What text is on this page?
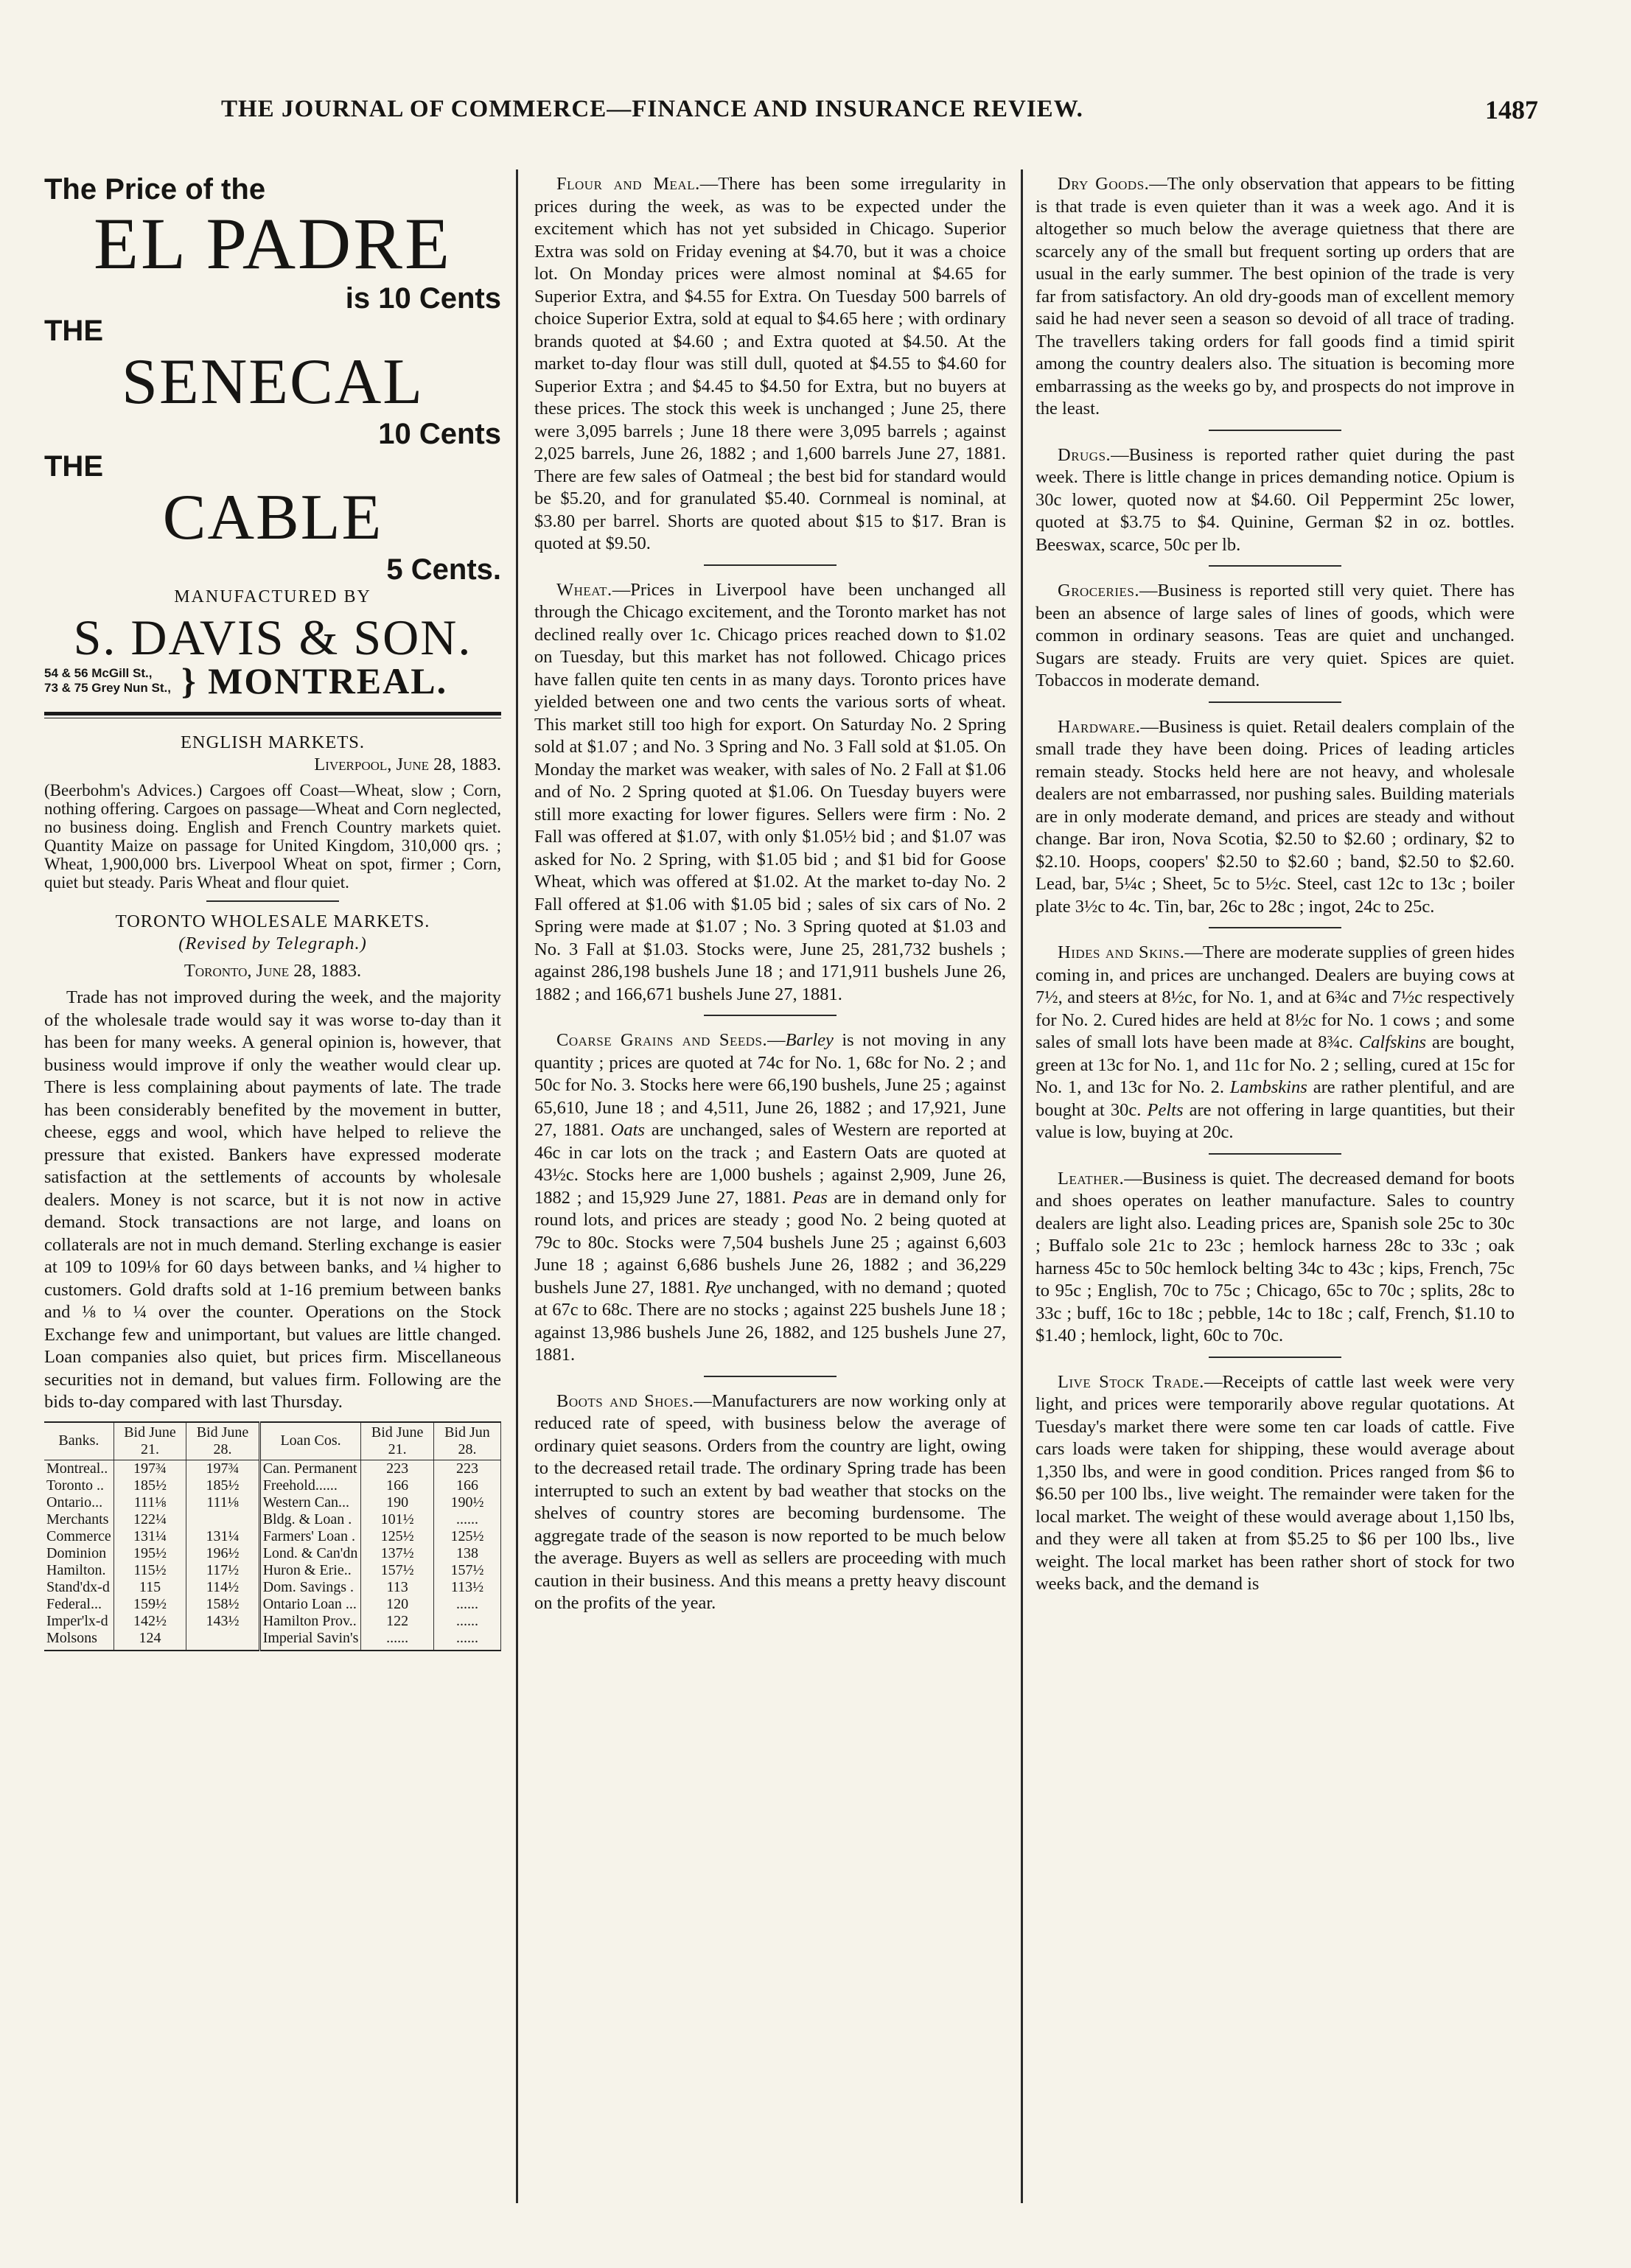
THE JOURNAL OF COMMERCE—FINANCE AND INSURANCE REVIEW.	1487
The Price of the
EL PADRE
is 10 Cents
THE
SENECAL
10 Cents
THE
CABLE
5 Cents.
MANUFACTURED BY
S. DAVIS & SON.
54 & 56 McGill St.,
73 & 75 Grey Nun St., } MONTREAL.
ENGLISH MARKETS.

Liverpool, June 28, 1883.

(Beerbohm's Advices.) Cargoes off Coast—Wheat, slow ; Corn, nothing offering. Cargoes on passage—Wheat and Corn neglected, no business doing. English and French Country markets quiet. Quantity Maize on passage for United Kingdom, 310,000 qrs. ; Wheat, 1,900,000 brs. Liverpool Wheat on spot, firmer ; Corn, quiet but steady. Paris Wheat and flour quiet.

TORONTO WHOLESALE MARKETS.

(Revised by Telegraph.)

Toronto, June 28, 1883.

Trade has not improved during the week, and the majority of the wholesale trade would say it was worse to-day than it has been for many weeks. A general opinion is, however, that business would improve if only the weather would clear up. There is less complaining about payments of late. The trade has been considerably benefited by the movement in butter, cheese, eggs and wool, which have helped to relieve the pressure that existed. Bankers have expressed moderate satisfaction at the settlements of accounts by wholesale dealers. Money is not scarce, but it is not now in active demand. Stock transactions are not large, and loans on collaterals are not in much demand. Sterling exchange is easier at 109 to 109⅛ for 60 days between banks, and ¼ higher to customers. Gold drafts sold at 1-16 premium between banks and ⅛ to ¼ over the counter. Operations on the Stock Exchange few and unimportant, but values are little changed. Loan companies also quiet, but prices firm. Miscellaneous securities not in demand, but values firm. Following are the bids to-day compared with last Thursday.

Banks.	Bid June 21.	Bid June 28.	Loan Cos.	Bid June 21.	Bid Jun 28.
Montreal..	197¾	197¾	Can. Permanent	223	223
Toronto ..	185½	185½	Freehold......	166	166
Ontario...	111⅛	111⅛	Western Can...	190	190½
Merchants	122¼		Bldg. & Loan .	101½	......
Commerce	131¼	131¼	Farmers' Loan .	125½	125½
Dominion	195½	196½	Lond. & Can'dn	137½	138
Hamilton.	115½	117½	Huron & Erie..	157½	157½
Stand'dx-d	115	114½	Dom. Savings .	113	113½
Federal...	159½	158½	Ontario Loan ...	120	......
Imper'lx-d	142½	143½	Hamilton Prov..	122	......
Molsons	124		Imperial Savin's	......	......

Flour and Meal.—There has been some irregularity in prices during the week, as was to be expected under the excitement which has not yet subsided in Chicago. Superior Extra was sold on Friday evening at $4.70, but it was a choice lot. On Monday prices were almost nominal at $4.65 for Superior Extra, and $4.55 for Extra. On Tuesday 500 barrels of choice Superior Extra, sold at equal to $4.65 here ; with ordinary brands quoted at $4.60 ; and Extra quoted at $4.50. At the market to-day flour was still dull, quoted at $4.55 to $4.60 for Superior Extra ; and $4.45 to $4.50 for Extra, but no buyers at these prices. The stock this week is unchanged ; June 25, there were 3,095 barrels ; June 18 there were 3,095 barrels ; against 2,025 barrels, June 26, 1882 ; and 1,600 barrels June 27, 1881. There are few sales of Oatmeal ; the best bid for standard would be $5.20, and for granulated $5.40. Cornmeal is nominal, at $3.80 per barrel. Shorts are quoted about $15 to $17. Bran is quoted at $9.50.

Wheat.—Prices in Liverpool have been unchanged all through the Chicago excitement, and the Toronto market has not declined really over 1c. Chicago prices reached down to $1.02 on Tuesday, but this market has not followed. Chicago prices have fallen quite ten cents in as many days. Toronto prices have yielded between one and two cents the various sorts of wheat. This market still too high for export. On Saturday No. 2 Spring sold at $1.07 ; and No. 3 Spring and No. 3 Fall sold at $1.05. On Monday the market was weaker, with sales of No. 2 Fall at $1.06 and of No. 2 Spring quoted at $1.06. On Tuesday buyers were still more exacting for lower figures. Sellers were firm : No. 2 Fall was offered at $1.07, with only $1.05½ bid ; and $1.07 was asked for No. 2 Spring, with $1.05 bid ; and $1 bid for Goose Wheat, which was offered at $1.02. At the market to-day No. 2 Fall offered at $1.06 with $1.05 bid ; sales of six cars of No. 2 Spring were made at $1.07 ; No. 3 Spring quoted at $1.03 and No. 3 Fall at $1.03. Stocks were, June 25, 281,732 bushels ; against 286,198 bushels June 18 ; and 171,911 bushels June 26, 1882 ; and 166,671 bushels June 27, 1881.

Coarse Grains and Seeds.—Barley is not moving in any quantity ; prices are quoted at 74c for No. 1, 68c for No. 2 ; and 50c for No. 3. Stocks here were 66,190 bushels, June 25 ; against 65,610, June 18 ; and 4,511, June 26, 1882 ; and 17,921, June 27, 1881. Oats are unchanged, sales of Western are reported at 46c in car lots on the track ; and Eastern Oats are quoted at 43½c. Stocks here are 1,000 bushels ; against 2,909, June 26, 1882 ; and 15,929 June 27, 1881. Peas are in demand only for round lots, and prices are steady ; good No. 2 being quoted at 79c to 80c. Stocks were 7,504 bushels June 25 ; against 6,603 June 18 ; against 6,686 bushels June 26, 1882 ; and 36,229 bushels June 27, 1881. Rye unchanged, with no demand ; quoted at 67c to 68c. There are no stocks ; against 225 bushels June 18 ; against 13,986 bushels June 26, 1882, and 125 bushels June 27, 1881.

Boots and Shoes.—Manufacturers are now working only at reduced rate of speed, with business below the average of ordinary quiet seasons. Orders from the country are light, owing to the decreased retail trade. The ordinary Spring trade has been interrupted to such an extent by bad weather that stocks on the shelves of country stores are becoming burdensome. The aggregate trade of the season is now reported to be much below the average. Buyers as well as sellers are proceeding with much caution in their business. And this means a pretty heavy discount on the profits of the year.

Dry Goods.—The only observation that appears to be fitting is that trade is even quieter than it was a week ago. And it is altogether so much below the average quietness that there are scarcely any of the small but frequent sorting up orders that are usual in the early summer. The best opinion of the trade is very far from satisfactory. An old dry-goods man of excellent memory said he had never seen a season so devoid of all trace of trading. The travellers taking orders for fall goods find a timid spirit among the country dealers also. The situation is becoming more embarrassing as the weeks go by, and prospects do not improve in the least.

Drugs.—Business is reported rather quiet during the past week. There is little change in prices demanding notice. Opium is 30c lower, quoted now at $4.60. Oil Peppermint 25c lower, quoted at $3.75 to $4. Quinine, German $2 in oz. bottles. Beeswax, scarce, 50c per lb.

Groceries.—Business is reported still very quiet. There has been an absence of large sales of lines of goods, which were common in ordinary seasons. Teas are quiet and unchanged. Sugars are steady. Fruits are very quiet. Spices are quiet. Tobaccos in moderate demand.

Hardware.—Business is quiet. Retail dealers complain of the small trade they have been doing. Prices of leading articles remain steady. Stocks held here are not heavy, and wholesale dealers are not embarrassed, nor pushing sales. Building materials are in only moderate demand, and prices are steady and without change. Bar iron, Nova Scotia, $2.50 to $2.60 ; ordinary, $2 to $2.10. Hoops, coopers' $2.50 to $2.60 ; band, $2.50 to $2.60. Lead, bar, 5¼c ; Sheet, 5c to 5½c. Steel, cast 12c to 13c ; boiler plate 3½c to 4c. Tin, bar, 26c to 28c ; ingot, 24c to 25c.

Hides and Skins.—There are moderate supplies of green hides coming in, and prices are unchanged. Dealers are buying cows at 7½, and steers at 8½c, for No. 1, and at 6¾c and 7½c respectively for No. 2. Cured hides are held at 8½c for No. 1 cows ; and some sales of small lots have been made at 8¾c. Calfskins are bought, green at 13c for No. 1, and 11c for No. 2 ; selling, cured at 15c for No. 1, and 13c for No. 2. Lambskins are rather plentiful, and are bought at 30c. Pelts are not offering in large quantities, but their value is low, buying at 20c.

Leather.—Business is quiet. The decreased demand for boots and shoes operates on leather manufacture. Sales to country dealers are light also. Leading prices are, Spanish sole 25c to 30c ; Buffalo sole 21c to 23c ; hemlock harness 28c to 33c ; oak harness 45c to 50c hemlock belting 34c to 43c ; kips, French, 75c to 95c ; English, 70c to 75c ; Chicago, 65c to 70c ; splits, 28c to 33c ; buff, 16c to 18c ; pebble, 14c to 18c ; calf, French, $1.10 to $1.40 ; hemlock, light, 60c to 70c.

Live Stock Trade.—Receipts of cattle last week were very light, and prices were temporarily above regular quotations. At Tuesday's market there were some ten car loads of cattle. Five cars loads were taken for shipping, these would average about 1,350 lbs, and were in good condition. Prices ranged from $6 to $6.50 per 100 lbs., live weight. The remainder were taken for the local market. The weight of these would average about 1,150 lbs, and they were all taken at from $5.25 to $6 per 100 lbs., live weight. The local market has been rather short of stock for two weeks back, and the demand is
